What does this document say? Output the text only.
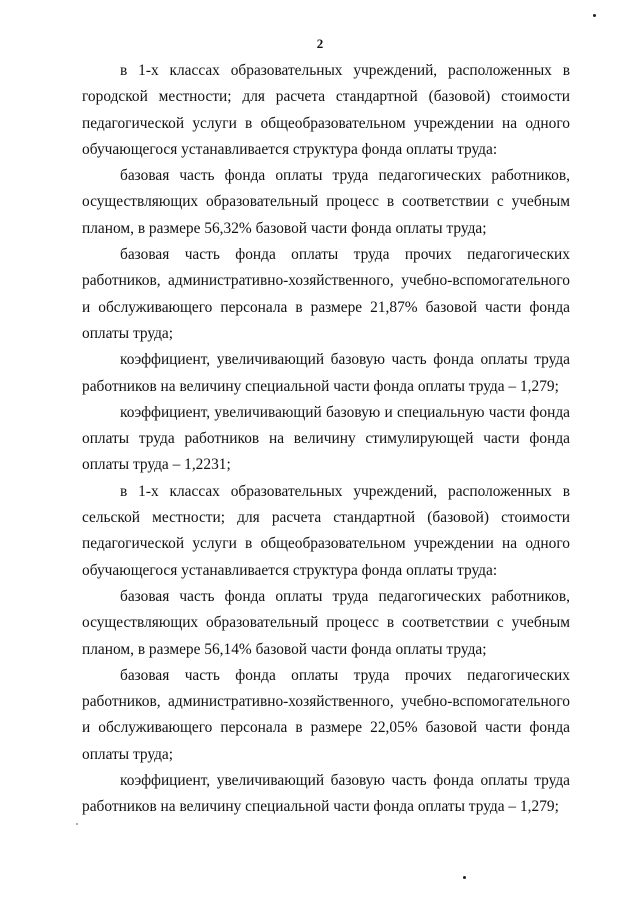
2

в 1-х классах образовательных учреждений, расположенных в городской местности; для расчета стандартной (базовой) стоимости педагогической услуги в общеобразовательном учреждении на одного обучающегося устанавливается структура фонда оплаты труда:

базовая часть фонда оплаты труда педагогических работников, осуществляющих образовательный процесс в соответствии с учебным планом, в размере 56,32% базовой части фонда оплаты труда;

базовая часть фонда оплаты труда прочих педагогических работников, административно-хозяйственного, учебно-вспомогательного и обслуживающего персонала в размере 21,87% базовой части фонда оплаты труда;

коэффициент, увеличивающий базовую часть фонда оплаты труда работников на величину специальной части фонда оплаты труда – 1,279;

коэффициент, увеличивающий базовую и специальную части фонда оплаты труда работников на величину стимулирующей части фонда оплаты труда – 1,2231;

в 1-х классах образовательных учреждений, расположенных в сельской местности; для расчета стандартной (базовой) стоимости педагогической услуги в общеобразовательном учреждении на одного обучающегося устанавливается структура фонда оплаты труда:

базовая часть фонда оплаты труда педагогических работников, осуществляющих образовательный процесс в соответствии с учебным планом, в размере 56,14% базовой части фонда оплаты труда;

базовая часть фонда оплаты труда прочих педагогических работников, административно-хозяйственного, учебно-вспомогательного и обслуживающего персонала в размере 22,05% базовой части фонда оплаты труда;

коэффициент, увеличивающий базовую часть фонда оплаты труда работников на величину специальной части фонда оплаты труда – 1,279;
